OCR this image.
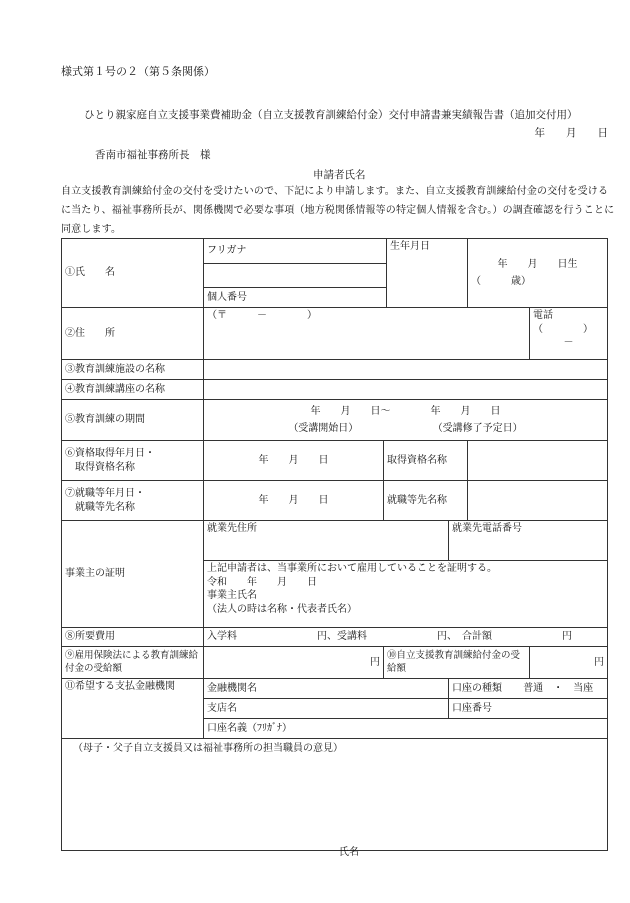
様式第１号の２（第５条関係）
ひとり親家庭自立支援事業費補助金（自立支援教育訓練給付金）交付申請書兼実績報告書（追加交付用）
年　　月　　日
香南市福祉事務所長　様
申請者氏名
自立支援教育訓練給付金の交付を受けたいので、下記により申請します。また、自立支援教育訓練給付金の交付を受けるに当たり、福祉事務所長が、関係機関で必要な事項（地方税関係情報等の特定個人情報を含む。）の調査確認を行うことに同意します。
①氏　　名	フリガナ		生年月日		年　　月　　日生
（　　　歳）	

	個人番号					
②住　　所	（〒　　　－　　　　）					電話（　　　　）
－

③教育訓練施設の名称						
④教育訓練講座の名称						
⑤教育訓練の期間	年　　月　　日～　　　　年　　月　　日
（受講開始日） （受講修了予定日）					

⑥資格取得年月日・
取得資格名称	年　　月　　日	取得資格名称				

⑦就職等年月日・
就職等先名称	年　　月　　日	就職等先名称				
事業主の証明	就業先住所			就業先電話番号		

	上記申請者は、当事業所において雇用していることを証明する。
令和　　年　　月　　日
事業主氏名
（法人の時は名称・代表者氏名）					

⑧所要費用	入学料　　　　　　　　円、受講料　　　　　　　円、　合計額　　　　　　　円					
⑨雇用保険法による教育訓練給付金の受給額	円	⑩自立支援教育訓練給付金の受給額				円
⑪希望する支払金融機関	金融機関名			口座の種類 普通　・　当座		
	支店名			口座番号		
	口座名義（ﾌﾘｶﾞﾅ）					

（母子・父子自立支援員又は福祉事務所の担当職員の意見）						
氏名
